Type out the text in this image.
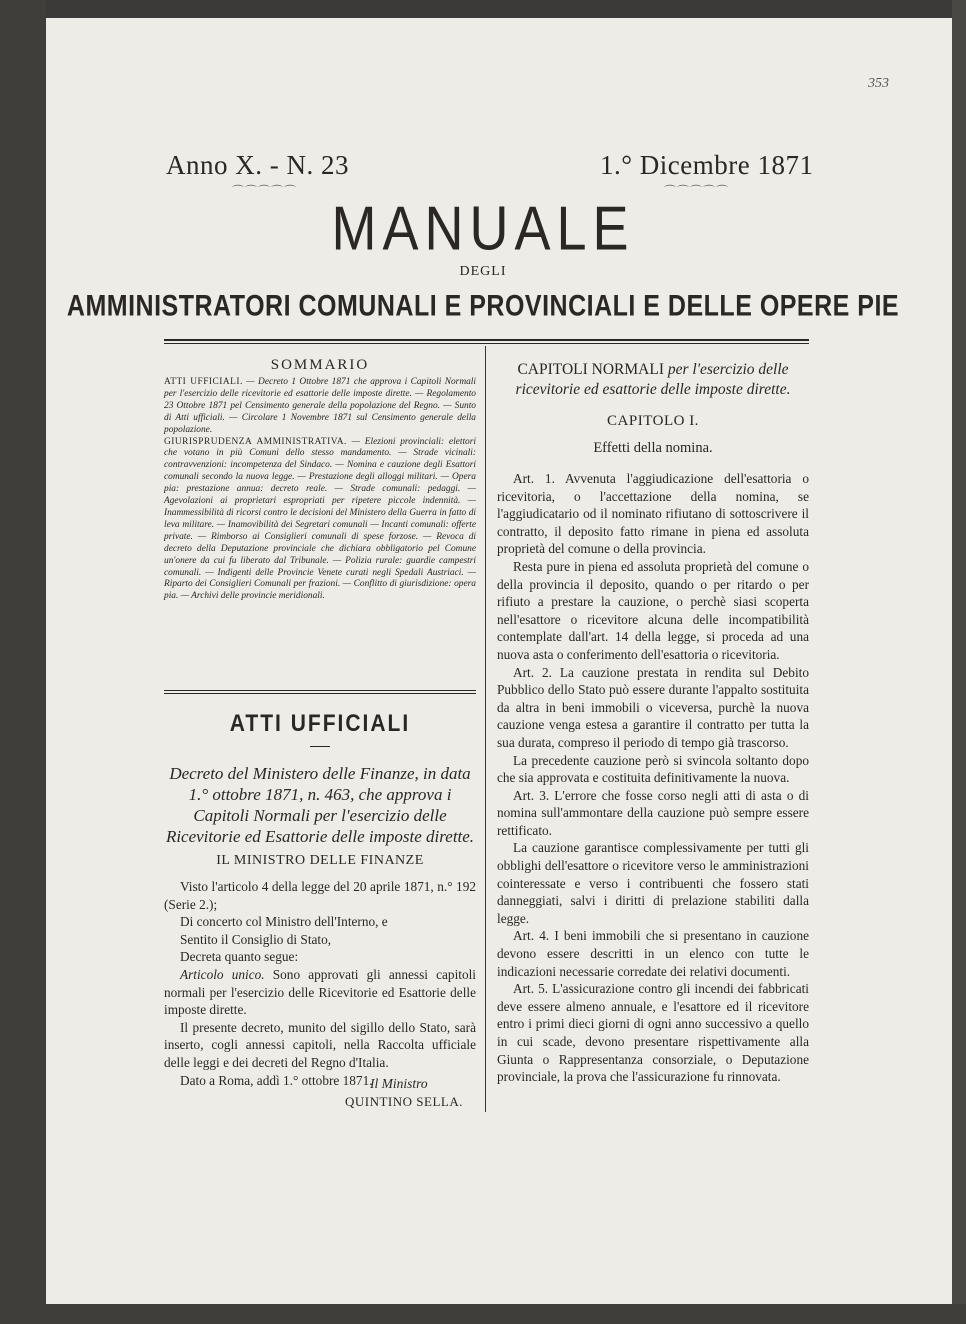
353
Anno X. - N. 23	1.° Dicembre 1871
⌒⌒⌒⌒⌒	⌒⌒⌒⌒⌒
MANUALE
DEGLI
AMMINISTRATORI COMUNALI E PROVINCIALI E DELLE OPERE PIE
SOMMARIO
ATTI UFFICIALI. — Decreto 1 Ottobre 1871 che approva i Capitoli Normali per l'esercizio delle ricevitorie ed esattorie delle imposte dirette. — Regolamento 23 Ottobre 1871 pel Censimento generale della popolazione del Regno. — Sunto di Atti ufficiali. — Circolare 1 Novembre 1871 sul Censimento generale della popolazione.
GIURISPRUDENZA AMMINISTRATIVA. — Elezioni provinciali: elettori che votano in più Comuni dello stesso mandamento. — Strade vicinali: contravvenzioni: incompetenza del Sindaco. — Nomina e cauzione degli Esattori comunali secondo la nuova legge. — Prestazione degli alloggi militari. — Opera pia: prestazione annua: decreto reale. — Strade comunali: pedaggi. — Agevolazioni ai proprietari espropriati per ripetere piccole indennità. — Inammessibilità di ricorsi contro le decisioni del Ministero della Guerra in fatto di leva militare. — Inamovibilità dei Segretari comunali — Incanti comunali: offerte private. — Rimborso ai Consiglieri comunali di spese forzose. — Revoca di decreto della Deputazione provinciale che dichiara obbligatorio pel Comune un'onere da cui fu liberato dal Tribunale. — Polizia rurale: guardie campestri comunali. — Indigenti delle Provincie Venete curati negli Spedali Austriaci. — Riparto dei Consiglieri Comunali per frazioni. — Conflitto di giurisdizione: opera pia. — Archivi delle provincie meridionali.
ATTI UFFICIALI
Decreto del Ministero delle Finanze, in data 1.° ottobre 1871, n. 463, che approva i Capitoli Normali per l'esercizio delle Ricevitorie ed Esattorie delle imposte dirette.
IL MINISTRO DELLE FINANZE

Visto l'articolo 4 della legge del 20 aprile 1871, n.° 192 (Serie 2.);

Di concerto col Ministro dell'Interno, e

Sentito il Consiglio di Stato,

Decreta quanto segue:

Articolo unico. Sono approvati gli annessi capitoli normali per l'esercizio delle Ricevitorie ed Esattorie delle imposte dirette.

Il presente decreto, munito del sigillo dello Stato, sarà inserto, cogli annessi capitoli, nella Raccolta ufficiale delle leggi e dei decreti del Regno d'Italia.

Dato a Roma, addì 1.° ottobre 1871.

Il Ministro
QUINTINO SELLA.
CAPITOLI NORMALI per l'esercizio delle ricevitorie ed esattorie delle imposte dirette.
CAPITOLO I.
Effetti della nomina.

Art. 1. Avvenuta l'aggiudicazione dell'esattoria o ricevitoria, o l'accettazione della nomina, se l'aggiudicatario od il nominato rifiutano di sottoscrivere il contratto, il deposito fatto rimane in piena ed assoluta proprietà del comune o della provincia.

Resta pure in piena ed assoluta proprietà del comune o della provincia il deposito, quando o per ritardo o per rifiuto a prestare la cauzione, o perchè siasi scoperta nell'esattore o ricevitore alcuna delle incompatibilità contemplate dall'art. 14 della legge, si proceda ad una nuova asta o conferimento dell'esattoria o ricevitoria.

Art. 2. La cauzione prestata in rendita sul Debito Pubblico dello Stato può essere durante l'appalto sostituita da altra in beni immobili o viceversa, purchè la nuova cauzione venga estesa a garantire il contratto per tutta la sua durata, compreso il periodo di tempo già trascorso.

La precedente cauzione però si svincola soltanto dopo che sia approvata e costituita definitivamente la nuova.

Art. 3. L'errore che fosse corso negli atti di asta o di nomina sull'ammontare della cauzione può sempre essere rettificato.

La cauzione garantisce complessivamente per tutti gli obblighi dell'esattore o ricevitore verso le amministrazioni cointeressate e verso i contribuenti che fossero stati danneggiati, salvi i diritti di prelazione stabiliti dalla legge.

Art. 4. I beni immobili che si presentano in cauzione devono essere descritti in un elenco con tutte le indicazioni necessarie corredate dei relativi documenti.

Art. 5. L'assicurazione contro gli incendi dei fabbricati deve essere almeno annuale, e l'esattore ed il ricevitore entro i primi dieci giorni di ogni anno successivo a quello in cui scade, devono presentare rispettivamente alla Giunta o Rappresentanza consorziale, o Deputazione provinciale, la prova che l'assicurazione fu rinnovata.
